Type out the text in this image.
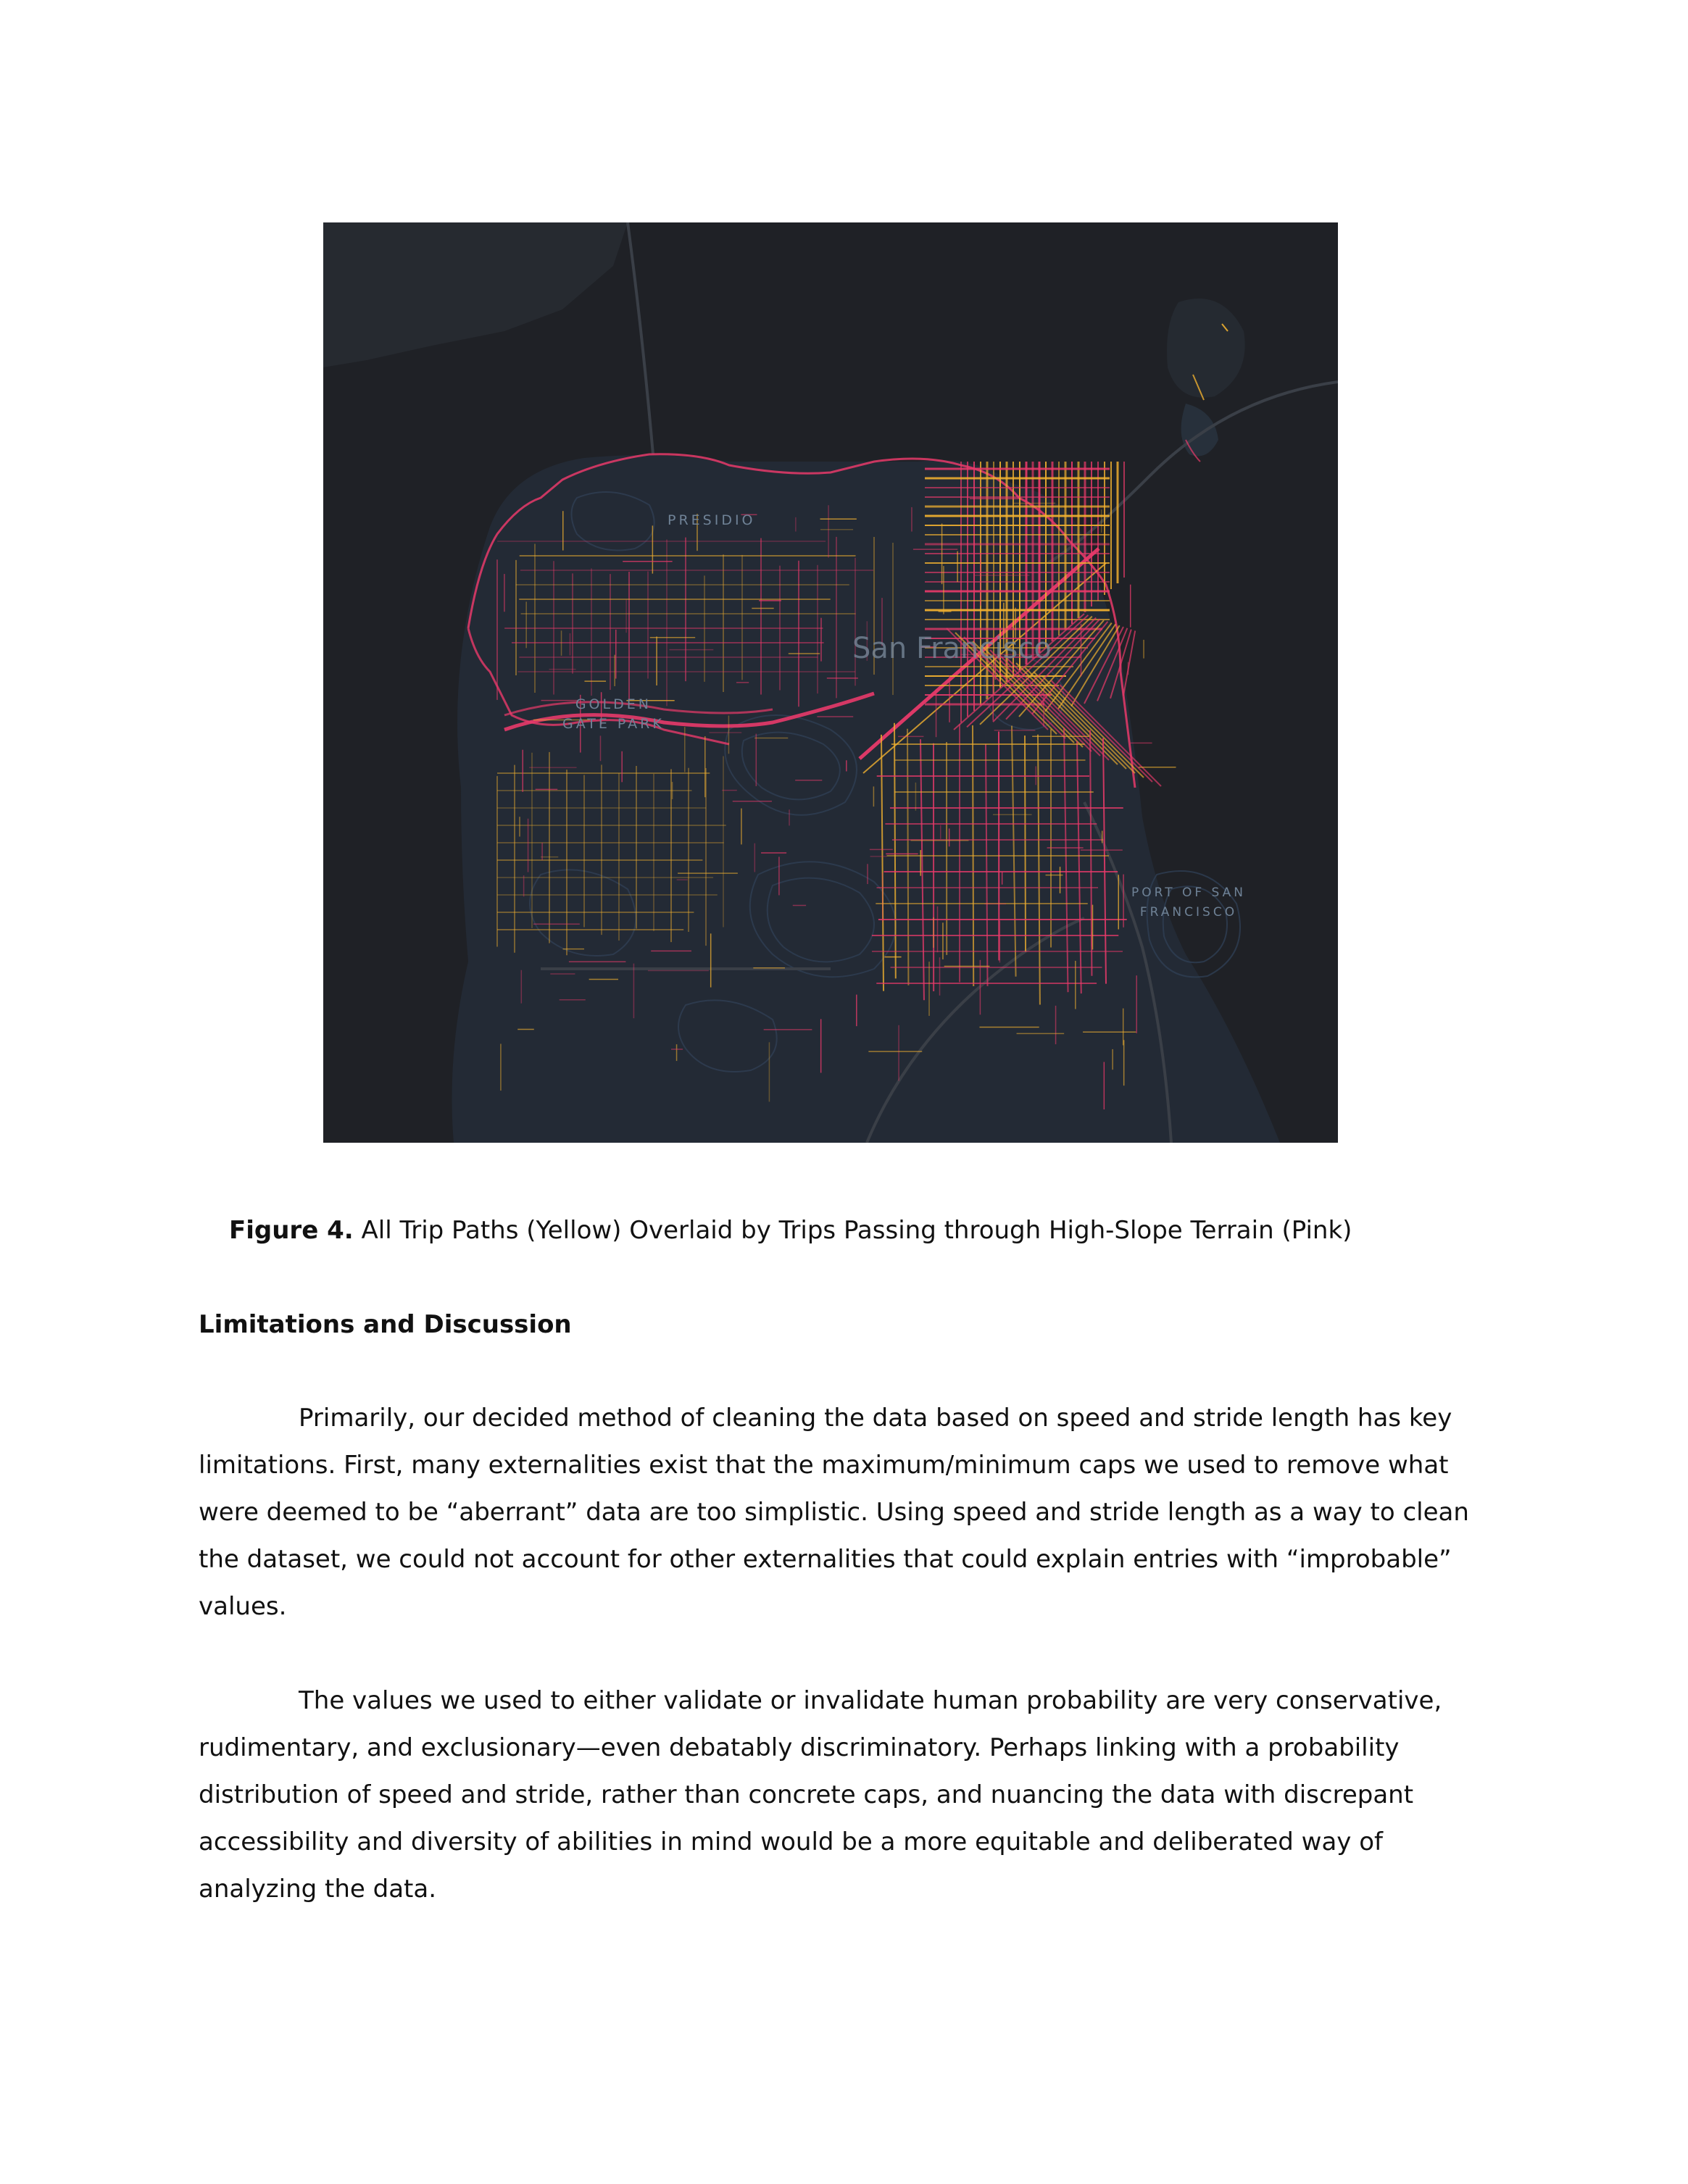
PRESIDIO
GOLDEN
GATE PARK
San Francisco
PORT OF SAN
FRANCISCO
Figure 4. All Trip Paths (Yellow) Overlaid by Trips Passing through High-Slope Terrain (Pink)
Limitations and Discussion
Primarily, our decided method of cleaning the data based on speed and stride length has key
limitations. First, many externalities exist that the maximum/minimum caps we used to remove what
were deemed to be “aberrant” data are too simplistic. Using speed and stride length as a way to clean
the dataset, we could not account for other externalities that could explain entries with “improbable”
values.
The values we used to either validate or invalidate human probability are very conservative,
rudimentary, and exclusionary—even debatably discriminatory. Perhaps linking with a probability
distribution of speed and stride, rather than concrete caps, and nuancing the data with discrepant
accessibility and diversity of abilities in mind would be a more equitable and deliberated way of
analyzing the data.
